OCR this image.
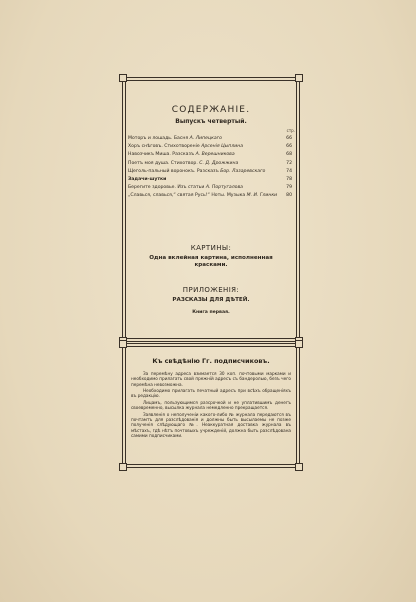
СОДЕРЖАНIЕ.
Выпускъ четвертый.
стр.
Моторъ и лошадь. Басня А. Липецкаго	66
Хоръ снѣговъ. Стихотворенiе Арсенiя Цыплина	66
Навозчикъ Миша. Разсказъ А. Верешникова	68
Поетъ моя душа. Стихотвор. С. Д. Дрожжина	72
Щеголь-пальный воронокъ. Разсказъ Бор. Лазаревскаго	74
Задачи-шутки	78
Берегите здоровье. Изъ статьи А. Португалова	79
„Славься, славься,“ святая Русь!“ Ноты. Музыка М. И. Глинки 80
КАРТИНЫ:
Одна вклейная картина, исполненная красками.
ПРИЛОЖЕНIЯ:
РАЗСКАЗЫ ДЛЯ ДѢТЕЙ.
Книга первая.
Къ свѣдѣнiю Гг. подписчиковъ.

За перемѣну адреса взимается 30 коп. почтовыми марками и необходимо прилагать свой прежнiй адресъ съ бандеролью, безъ чего перемѣна невозможна.

Необходимо прилагать печатный адресъ при всѣхъ обращенiяхъ въ редакцiю.

Лицамъ, пользующимся разсрочкой и не уплатившимъ денегъ своевременно, высылка журнала немедленно прекращается.

Заявленiя о неполученiи какого-либо № журнала передаются въ почтамтъ для разслѣдованiя и должны быть высылаемы не позже полученiя слѣдующаго №. Неаккуратная доставка журнала въ мѣстахъ, гдѣ нѣтъ почтовыхъ учрежденiй, должна быть разслѣдована самими подписчиками.
